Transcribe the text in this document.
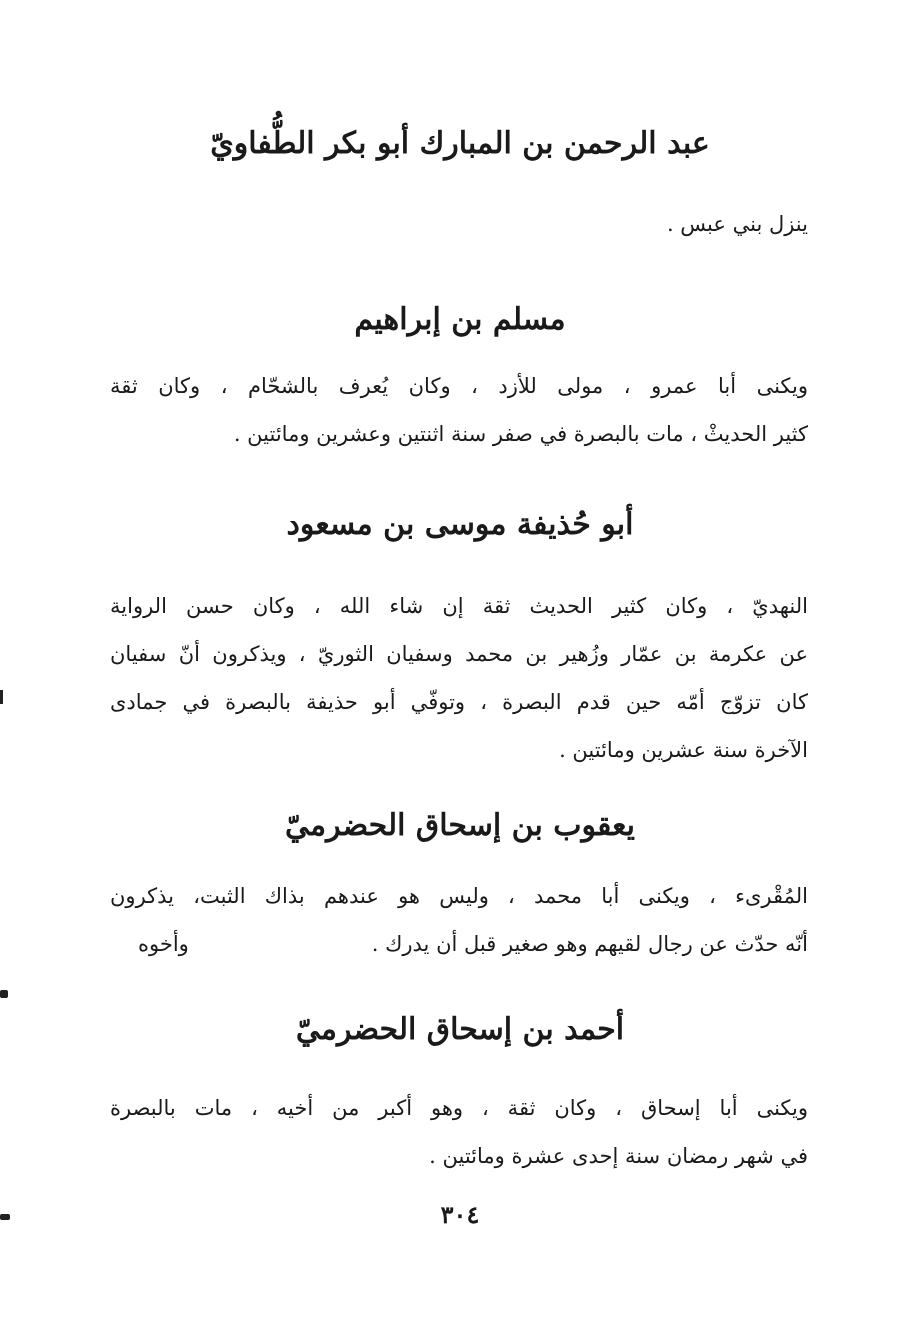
عبد الرحمن بن المبارك أبو بكر الطُّفاويّ
ينزل بني عبس .
مسلم بن إبراهيم
ويكنى أبا عمرو ، مولى للأزد ، وكان يُعرف بالشحّام ، وكان ثقة
كثير الحديثْ ، مات بالبصرة في صفر سنة اثنتين وعشرين ومائتين .
أبو حُذيفة موسى بن مسعود
النهديّ ، وكان كثير الحديث ثقة إن شاء الله ، وكان حسن الرواية
عن عكرمة بن عمّار وزُهير بن محمد وسفيان الثوريّ ، ويذكرون أنّ سفيان
كان تزوّج أمّه حين قدم البصرة ، وتوفّي أبو حذيفة بالبصرة في جمادى
الآخرة سنة عشرين ومائتين .
يعقوب بن إسحاق الحضرميّ
المُقْرىء ، ويكنى أبا محمد ، وليس هو عندهم بذاك الثبت، يذكرون
أنّه حدّث عن رجال لقيهم وهو صغير قبل أن يدرك .
وأخوه
أحمد بن إسحاق الحضرميّ
ويكنى أبا إسحاق ، وكان ثقة ، وهو أكبر من أخيه ، مات بالبصرة
في شهر رمضان سنة إحدى عشرة ومائتين .
٣٠٤
